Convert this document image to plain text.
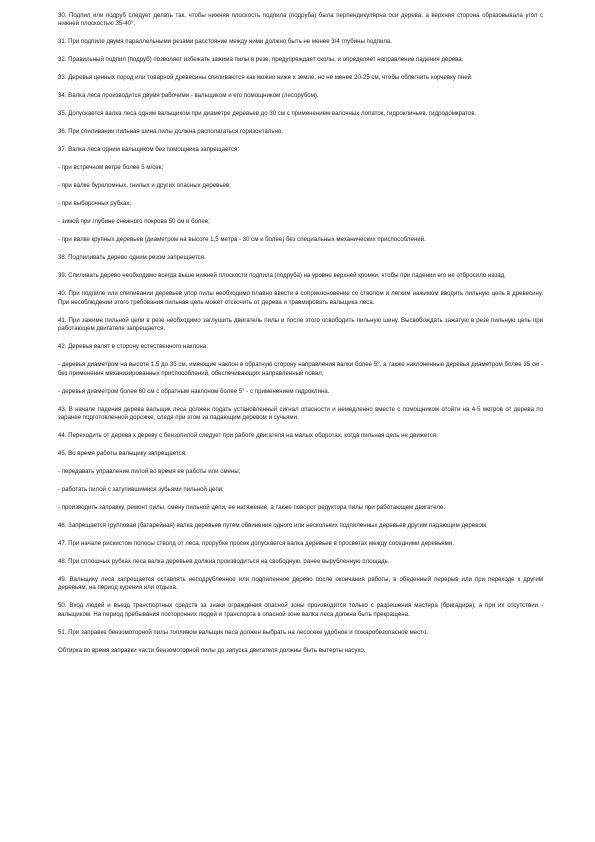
30. Подпил или подруб следует делать так, чтобы нижняя плоскость подпила (подруба) была перпендикулярна оси дерева, а верхняя сторона образовывала угол с нижней плоскостью 35-40°.

31. При подпиле двумя параллельными резами расстояние между ними должно быть не менее 3/4 глубины подпила.

32. Правильный подпил (подруб) позволяет избежать зажима пилы в резе, предупреждает сколы, и определяет направление падения дерева.

33. Деревья ценных пород или товарной древесины спиливаются как можно ниже к земле, но не менее 20-25 см, чтобы облегчить корчевку пней.

34. Валка леса производится двумя рабочими - вальщиком и его помощником (лесорубом).

35. Допускается валка леса одним вальщиком при диаметре деревьев до 30 см с применением валочных лопаток, гидроклиньев, гидродомкратов.

36. При спиливании пильная шина пилы должна располагаться горизонтально.

37. Валка леса одним вальщиком без помощника запрещается:

- при встречном ветре более 5 м/сек;

- при валке буреломных, гнилых и других опасных деревьев;

- при выборочных рубках;

- зимой при глубине снежного покрова 50 см и более;

- при валке крупных деревьев (диаметром на высоте 1,5 метра - 30 см и более) без специальных механических приспособлений.

38. Подпиливать дерево одним резом запрещается.

39. Спиливать дерево необходимо всегда выше нижней плоскости подпила (подруба) на уровне верхней кромки, чтобы при падении его не отбросило назад.

40. При подпиле или спиливании деревьев упор пилы необходимо плавно ввести в соприкосновение со стволом и легким нажимом вводить пильную цепь в древесину. При несоблюдении этого требования пильная цепь может отскочить от дерева и травмировать вальщика леса.

41. При зажиме пильной цепи в резе необходимо заглушить двигатель пилы и после этого освободить пильную шину. Высвобождать зажатую в резе пильную цепь при работающем двигателе запрещается.

42. Деревья валят в сторону естественного наклона:

- деревья диаметром на высоте 1,5 до 35 см, имеющие наклон в обратную сторону направления валки более 5°, а также наклоненные деревья диаметром более 35 см - без применения механизированных приспособлений, обеспечивающих направленный повал;

- деревья диаметром более 60 см с обратным наклоном более 5° - с применением гидроклина.

43. В начале падения дерева вальщик леса должен подать установленный сигнал опасности и немедленно вместе с помощником отойти на 4-5 метров от дерева по заранее подготовленной дорожке, следя при этом за падающим деревом и сучьями.

44. Переходить от дерева к дереву с бензопилой следует при работе двигателя на малых оборотах, когда пильная цепь не движется.

45. Во время работы вальщику запрещается:

- передавать управление пилой во время ее работы или смены;

- работать пилой с затупившимися зубьями пильной цепи;

- производить заправку, ремонт пилы, смену пильной цепи, ее натяжение, а также поворот редуктора пилы при работающем двигателе.

46. Запрещается групповая (батарейная) валка деревьев путем обвинения одного или нескольких подпиленных деревьев другим падающим деревом.

47. При начале рискистом полосы стволд от леса, прорубке просек допускается валка деревьев в просветах между соседними деревьями.

48. При сплошных рубках леса валка деревьев должна производиться на свободную, ранее вырубленную площадь.

49. Вальщику леса запрещается оставлять неподрубленное или подпиленное дерево после окончания работы, в обеденный перерыв или при переходе к другим деревьям, на период курения или отдыха.

50. Вход людей и въезд транспортных средств за знаки ограждения опасной зоны производится только с разрешения мастера (бригадира), а при их отсутствии - вальщиком. На период пребывания посторонних людей и транспорта в опасной зоне валка леса должна быть прекращена.

51. При заправке бензомоторной пилы топливом вальщик леса должен выбрать на лесосеке удобное и пожаробезопасное место.

Обтирка во время заправки части бензомоторной пилы до запуска двигателя должны быть вытерты насухо.
